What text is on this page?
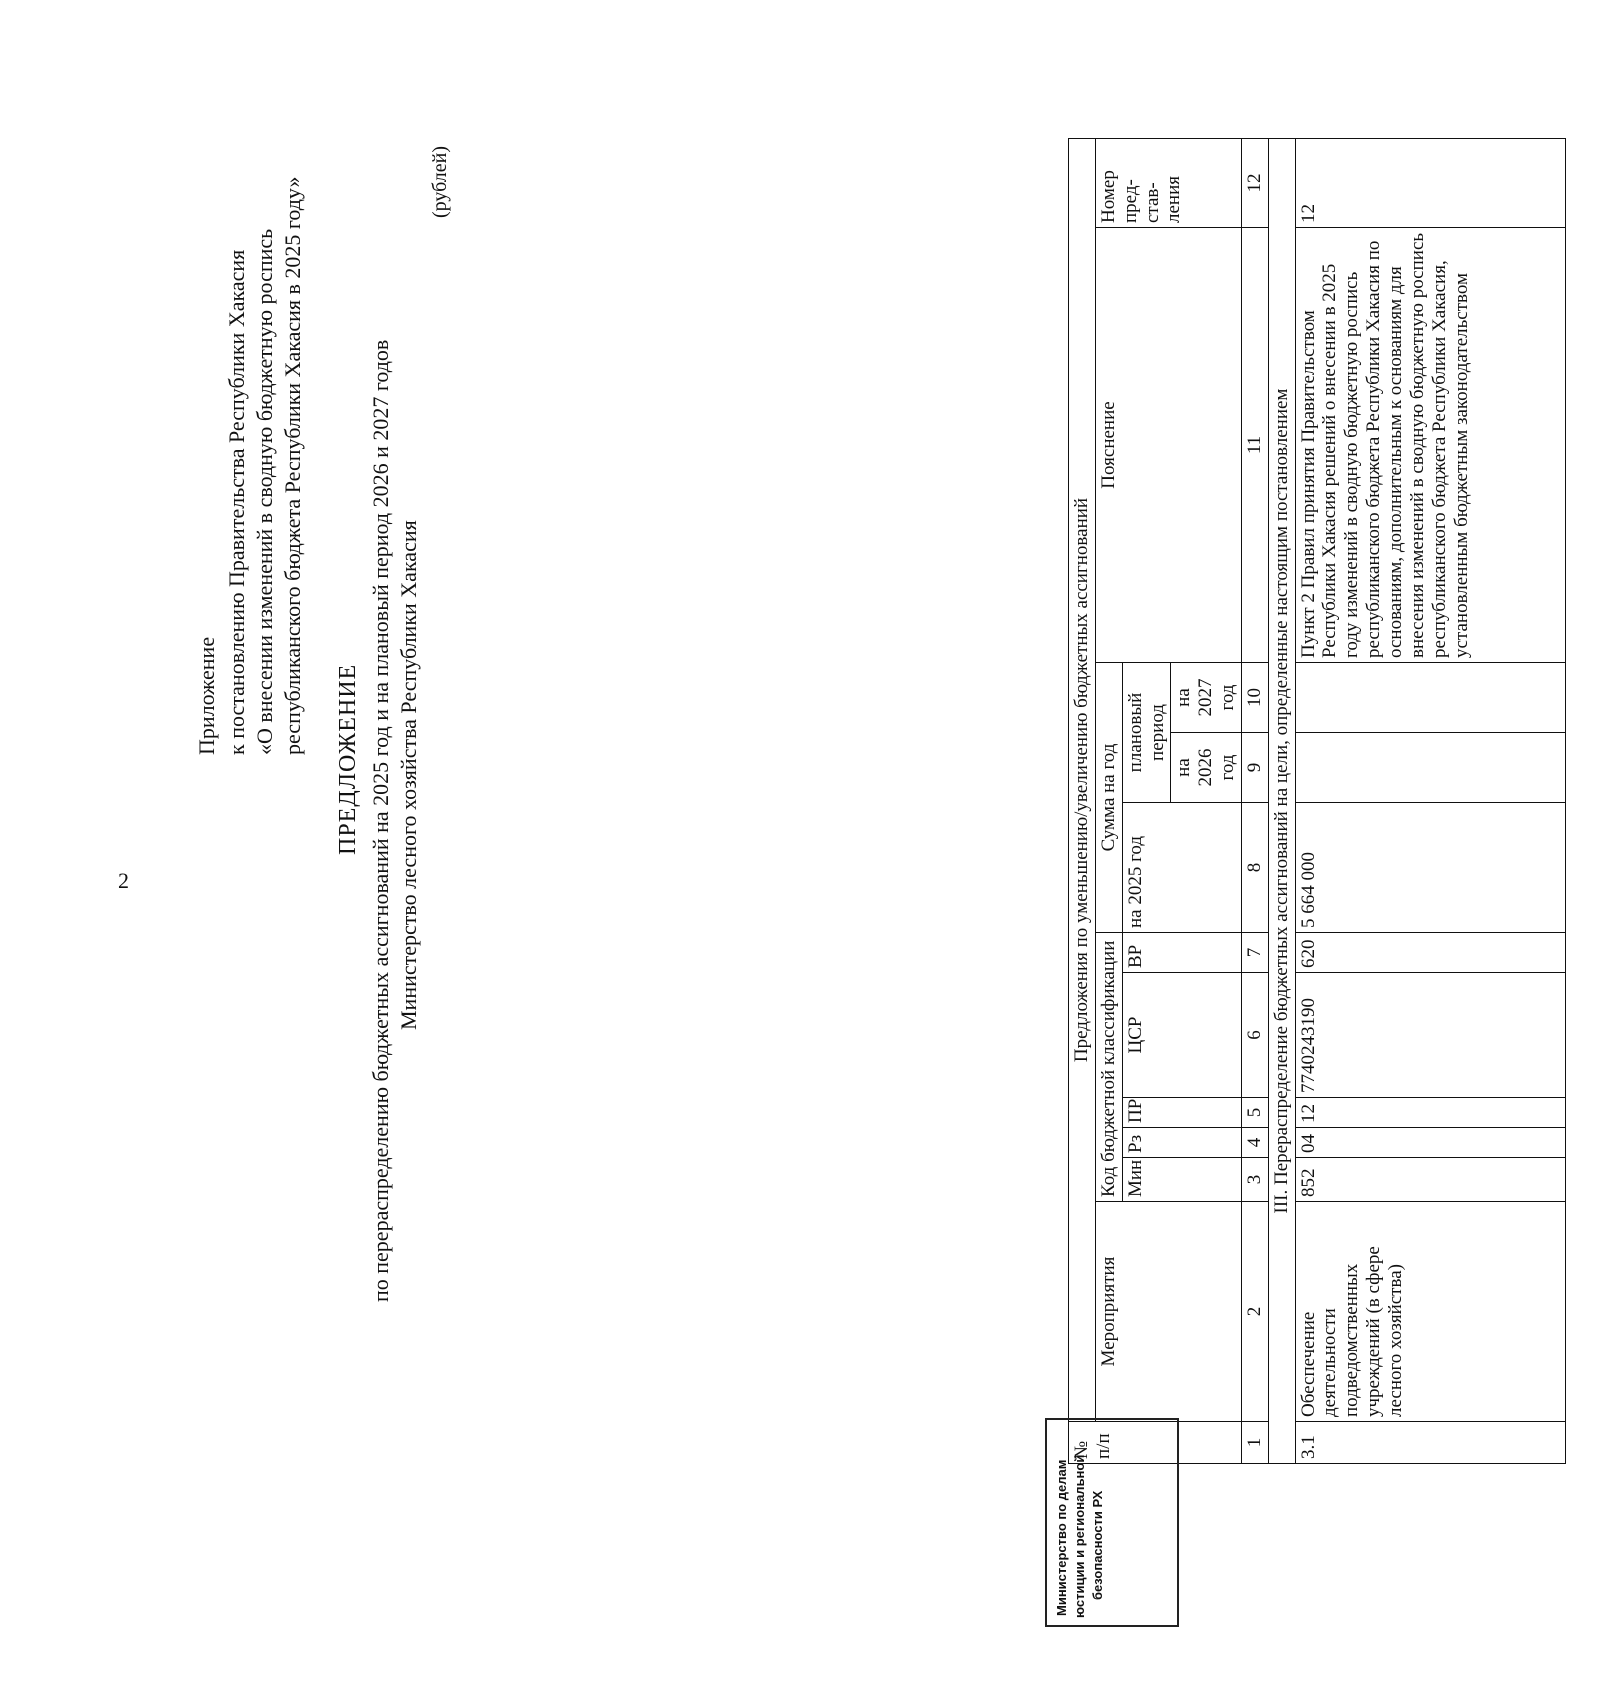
2
Приложение к постановлению Правительства Республики Хакасия «О внесении изменений в сводную бюджетную роспись республиканского бюджета Республики Хакасия в 2025 году»
ПРЕДЛОЖЕНИЕ по перераспределению бюджетных ассигнований на 2025 год и на плановый период 2026 и 2027 годов Министерство лесного хозяйства Республики Хакасия
(рублей)
№ п/п	Предложения по уменьшению/увеличению бюджетных ассигнований										
	Мероприятия	Код бюджетной классификации					Сумма на год			Пояснение	Номер пред-став-ления
		Мин	Рз	ПР	ЦСР	ВР	на 2025 год	плановый период			
								на 2026 год	на 2027 год		

1	2	3	4	5	6	7	8	9	10	11	12
III. Перераспределение бюджетных ассигнований на цели, определенные настоящим постановлением											
3.1	Обеспечение деятельности подведомственных учреждений (в сфере лесного хозяйства)	852	04	12	7740243190	620	5 664 000			Пункт 2 Правил принятия Правительством Республики Хакасия решений о внесении в 2025 году изменений в сводную бюджетную роспись республиканского бюджета Республики Хакасия по основаниям, дополнительным к основаниям для внесения изменений в сводную бюджетную роспись республиканского бюджета Республики Хакасия, установленным бюджетным законодательством	12
Министерство по делам юстиции и региональной безопасности РХ
